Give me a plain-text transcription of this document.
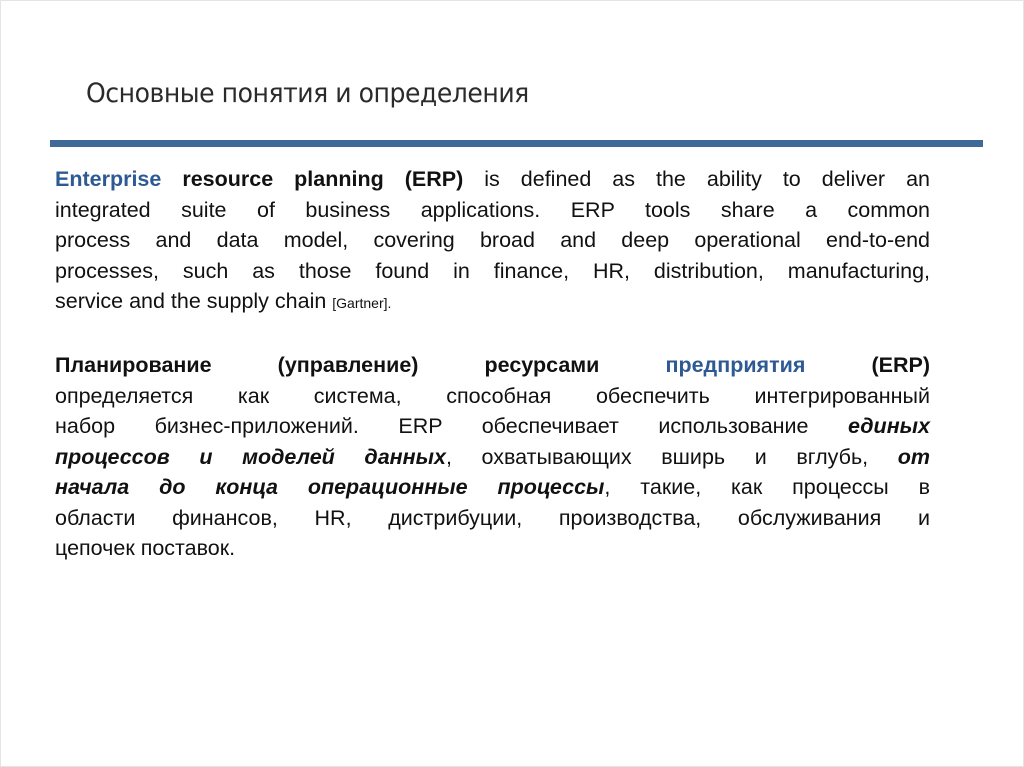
Основные понятия и определения
Enterprise resource planning (ERP) is defined as the ability to deliver an
integrated suite of business applications. ERP tools share a common
process and data model, covering broad and deep operational end-to-end
processes, such as those found in finance, HR, distribution, manufacturing,
service and the supply chain [Gartner].
Планирование (управление) ресурсами предприятия (ERP)
определяется как система, способная обеспечить интегрированный
набор бизнес-приложений. ERP обеспечивает использование единых
процессов и моделей данных, охватывающих вширь и вглубь, от
начала до конца операционные процессы, такие, как процессы в
области финансов, HR, дистрибуции, производства, обслуживания и
цепочек поставок.
